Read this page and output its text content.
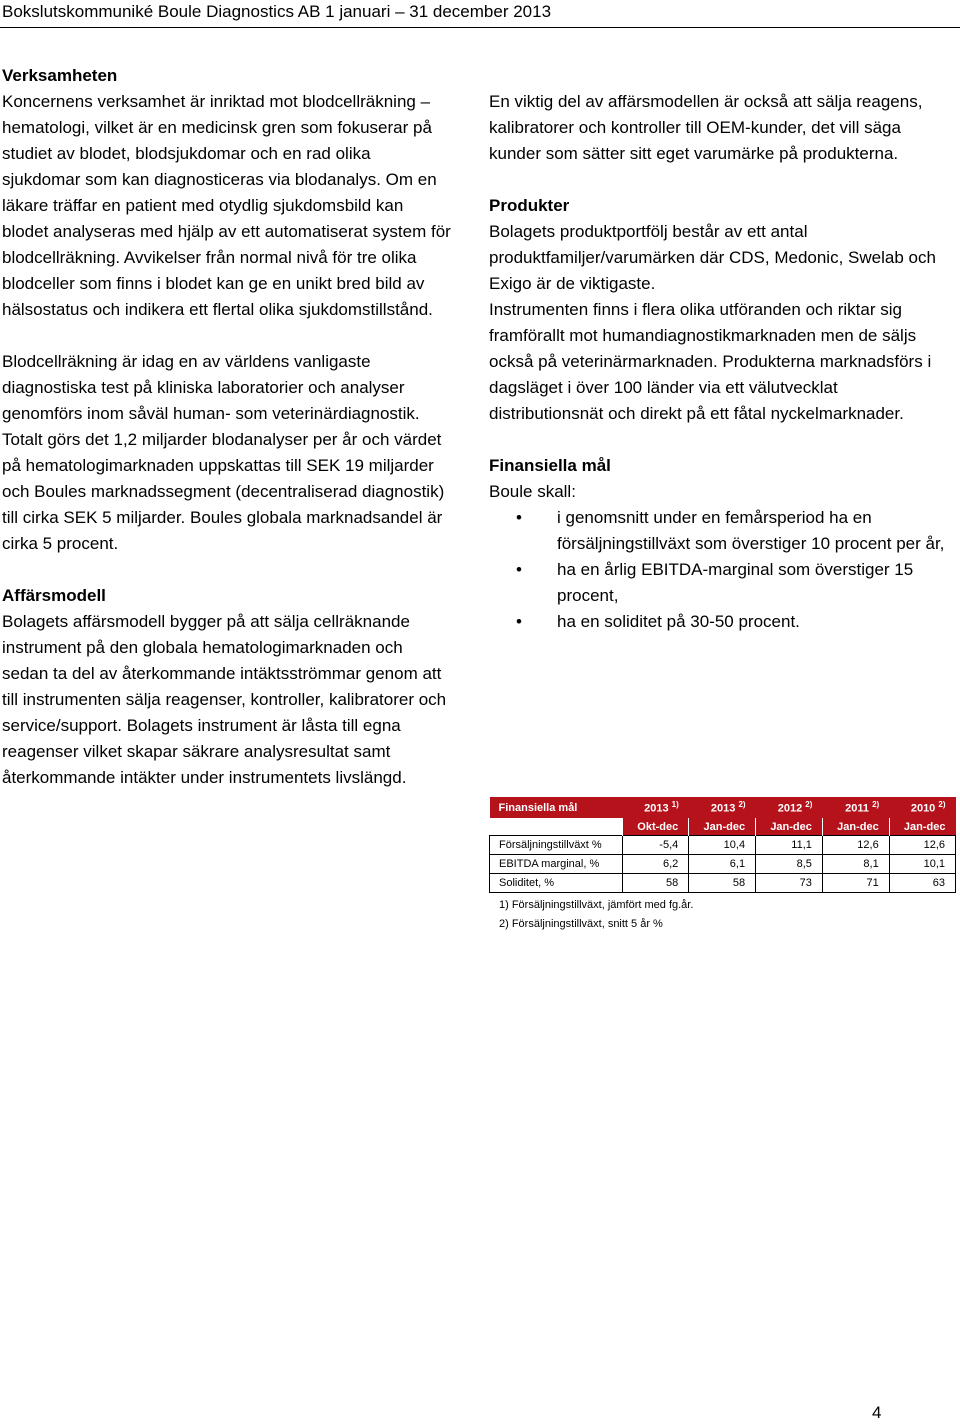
Bokslutskommuniké Boule Diagnostics AB 1 januari – 31 december 2013

Verksamheten

Koncernens verksamhet är inriktad mot blodcellräkning – hematologi, vilket är en medicinsk gren som fokuserar på studiet av blodet, blodsjukdomar och en rad olika sjukdomar som kan diagnosticeras via blodanalys. Om en läkare träffar en patient med otydlig sjukdomsbild kan blodet analyseras med hjälp av ett automatiserat system för blodcellräkning. Avvikelser från normal nivå för tre olika blodceller som finns i blodet kan ge en unikt bred bild av hälsostatus och indikera ett flertal olika sjukdomstillstånd.

Blodcellräkning är idag en av världens vanligaste diagnostiska test på kliniska laboratorier och analyser genomförs inom såväl human- som veterinärdiagnostik. Totalt görs det 1,2 miljarder blodanalyser per år och värdet på hematologimarknaden uppskattas till SEK 19 miljarder och Boules marknadssegment (decentraliserad diagnostik) till cirka SEK 5 miljarder. Boules globala marknadsandel är cirka 5 procent.

Affärsmodell

Bolagets affärsmodell bygger på att sälja cellräknande instrument på den globala hematologimarknaden och sedan ta del av återkommande intäktsströmmar genom att till instrumenten sälja reagenser, kontroller, kalibratorer och service/support. Bolagets instrument är låsta till egna reagenser vilket skapar säkrare analysresultat samt återkommande intäkter under instrumentets livslängd.

En viktig del av affärsmodellen är också att sälja reagens, kalibratorer och kontroller till OEM-kunder, det vill säga kunder som sätter sitt eget varumärke på produkterna.

Produkter

Bolagets produktportfölj består av ett antal produktfamiljer/varumärken där CDS, Medonic, Swelab och Exigo är de viktigaste.

Instrumenten finns i flera olika utföranden och riktar sig framförallt mot humandiagnostikmarknaden men de säljs också på veterinärmarknaden. Produkterna marknadsförs i dagsläget i över 100 länder via ett välutvecklat distributionsnät och direkt på ett fåtal nyckelmarknader.

Finansiella mål

Boule skall:

• i genomsnitt under en femårsperiod ha en försäljningstillväxt som överstiger 10 procent per år,
• ha en årlig EBITDA-marginal som överstiger 15 procent,
• ha en soliditet på 30-50 procent.
Finansiella mål	2013 $^{1)}$	2013 $^{2)}$	2012 $^{2)}$	2011 $^{2)}$	2010 $^{2)}$
	Okt-dec	Jan-dec	Jan-dec	Jan-dec	Jan-dec
Försäljningstillväxt %	-5,4	10,4	11,1	12,6	12,6
EBITDA marginal, %	6,2	6,1	8,5	8,1	10,1
Soliditet, %	58	58	73	71	63

1) Försäljningstillväxt, jämfört med fg.år.

2) Försäljningstillväxt, snitt 5 år %

4
